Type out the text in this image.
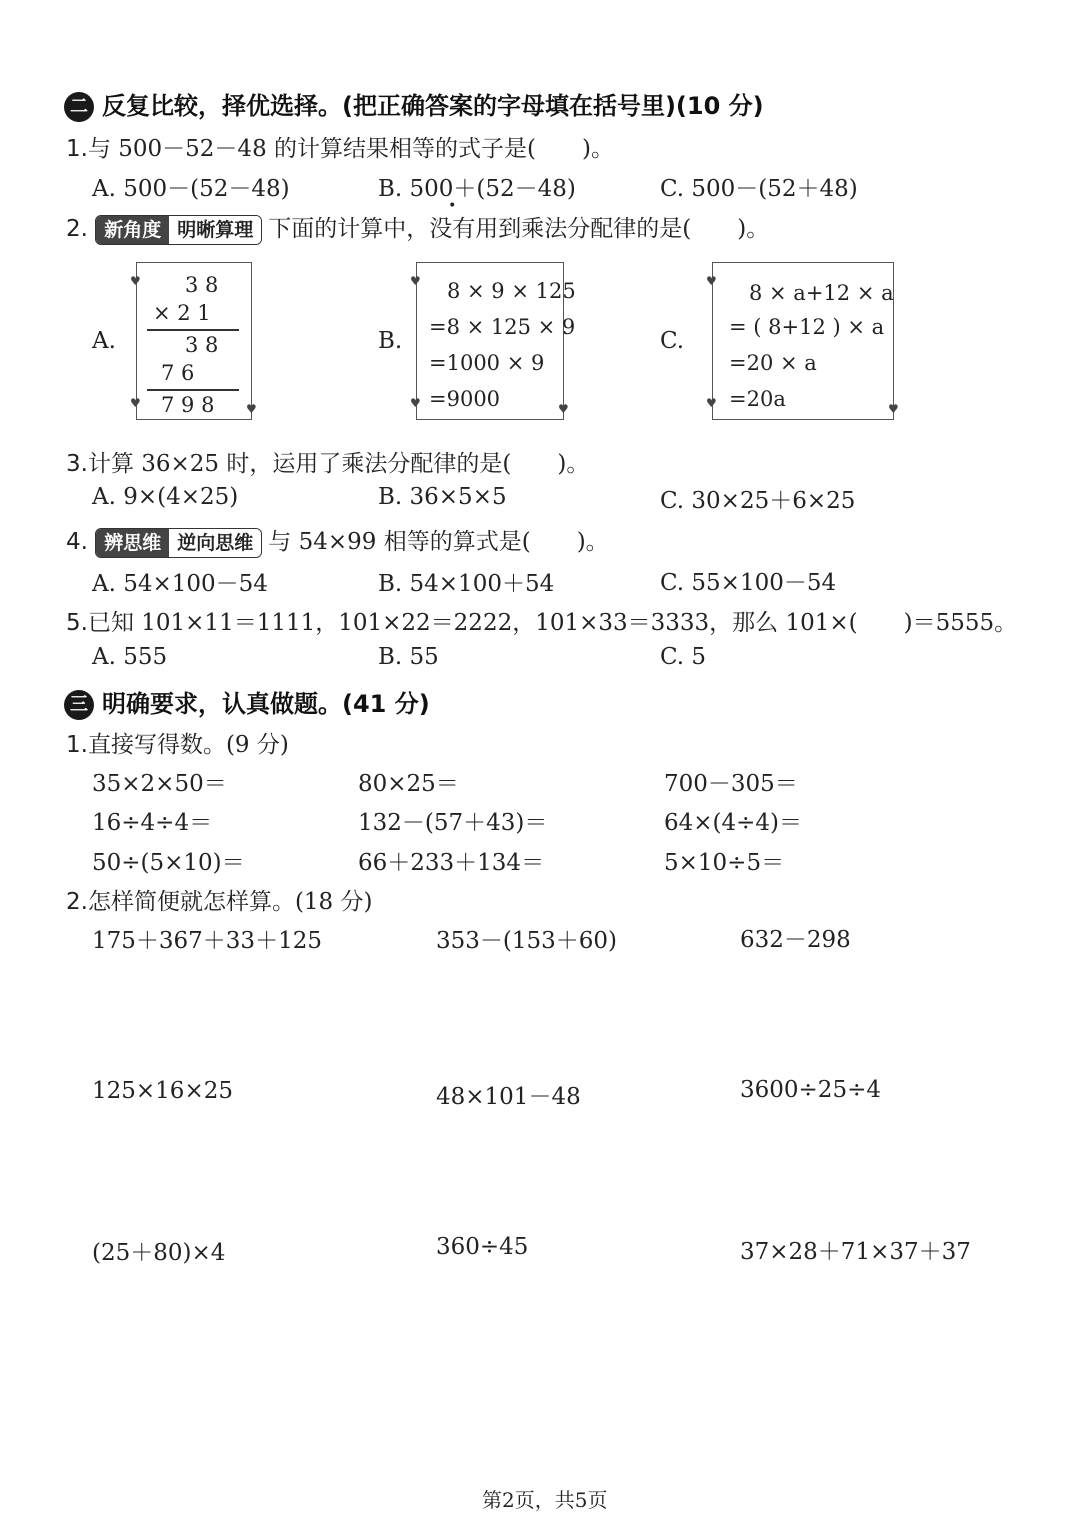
二 反复比较，择优选择。(把正确答案的字母填在括号里)(10 分)
1.与 500－52－48 的计算结果相等的式子是(　　)。
A. 500－(52－48)	B. 500＋(52－48)	C. 500－(52＋48)
2. 新角度 明晰算理 下面的计算中，没有用到乘法分配律的是(　　)。
A.	B.	C.
3 8
× 2 1
3 8
7 6
7 9 8
♥
♥	♥
8 × 9 × 125
=8 × 125 × 9
=1000 × 9
=9000
♥
♥	♥
8 × a+12 × a
= ( 8+12 ) × a
=20 × a
=20a
♥
♥	♥
3.计算 36×25 时，运用了乘法分配律的是(　　)。
A. 9×(4×25)	B. 36×5×5	C. 30×25＋6×25
4. 辨思维 逆向思维 与 54×99 相等的算式是(　　)。
A. 54×100－54	B. 54×100＋54	C. 55×100－54
5.已知 101×11＝1111，101×22＝2222，101×33＝3333，那么 101×(　　)＝5555。
A. 555	B. 55	C. 5
三 明确要求，认真做题。(41 分)
1.直接写得数。(9 分)
35×2×50＝	80×25＝	700－305＝
16÷4÷4＝	132－(57＋43)＝	64×(4÷4)＝
50÷(5×10)＝	66＋233＋134＝	5×10÷5＝
2.怎样简便就怎样算。(18 分)
175＋367＋33＋125	353－(153＋60)	632－298
125×16×25	48×101－48	3600÷25÷4
(25＋80)×4	360÷45	37×28＋71×37＋37
第2页，共5页
